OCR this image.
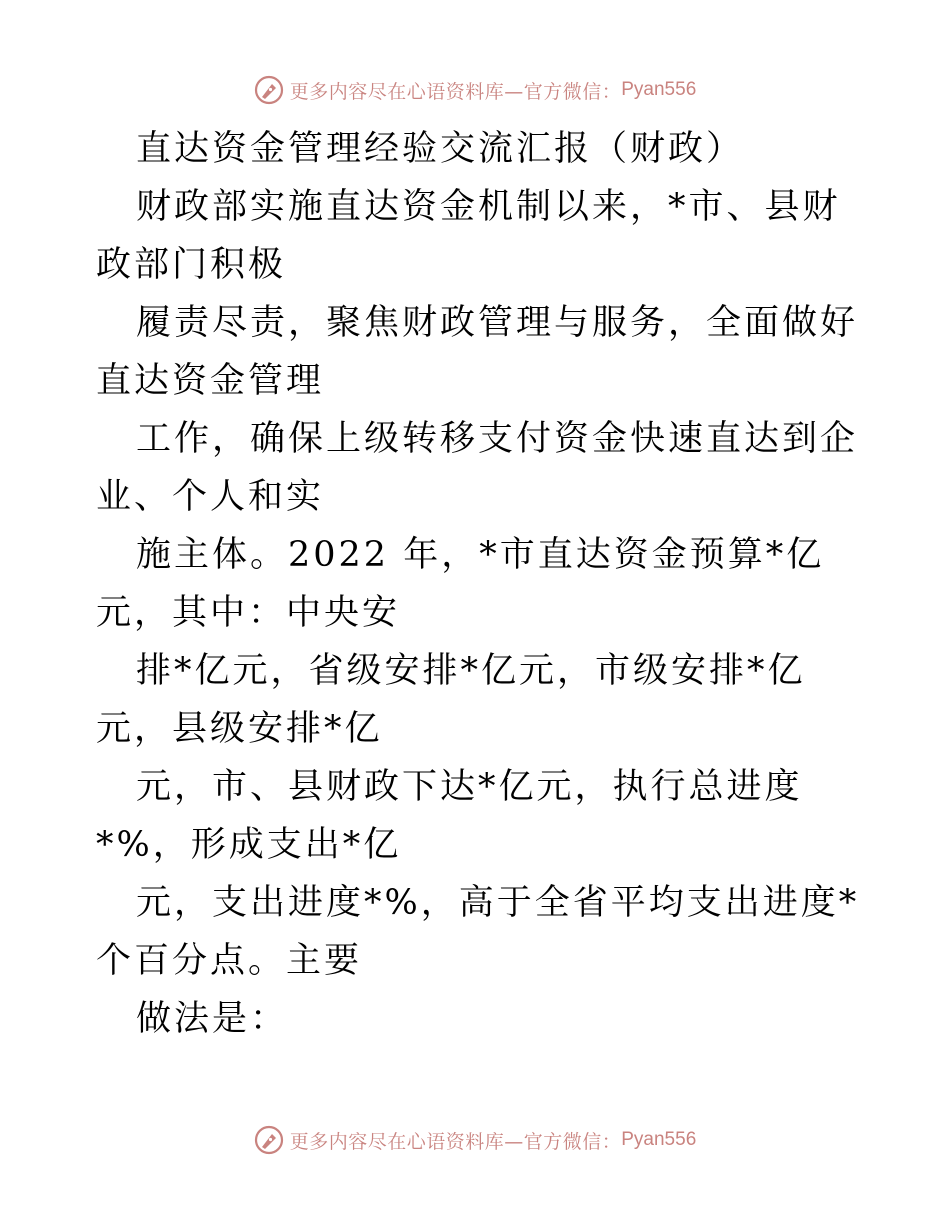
更多内容尽在心语资料库—官方微信： Pyan556

直达资金管理经验交流汇报（财政）

财政部实施直达资金机制以来，*市、县财政部门积极

履责尽责，聚焦财政管理与服务，全面做好直达资金管理

工作，确保上级转移支付资金快速直达到企业、个人和实

施主体。2022 年，*市直达资金预算*亿元，其中：中央安

排*亿元，省级安排*亿元，市级安排*亿元，县级安排*亿

元，市、县财政下达*亿元，执行总进度*%，形成支出*亿

元，支出进度*%，高于全省平均支出进度*个百分点。主要

做法是：

更多内容尽在心语资料库—官方微信： Pyan556
